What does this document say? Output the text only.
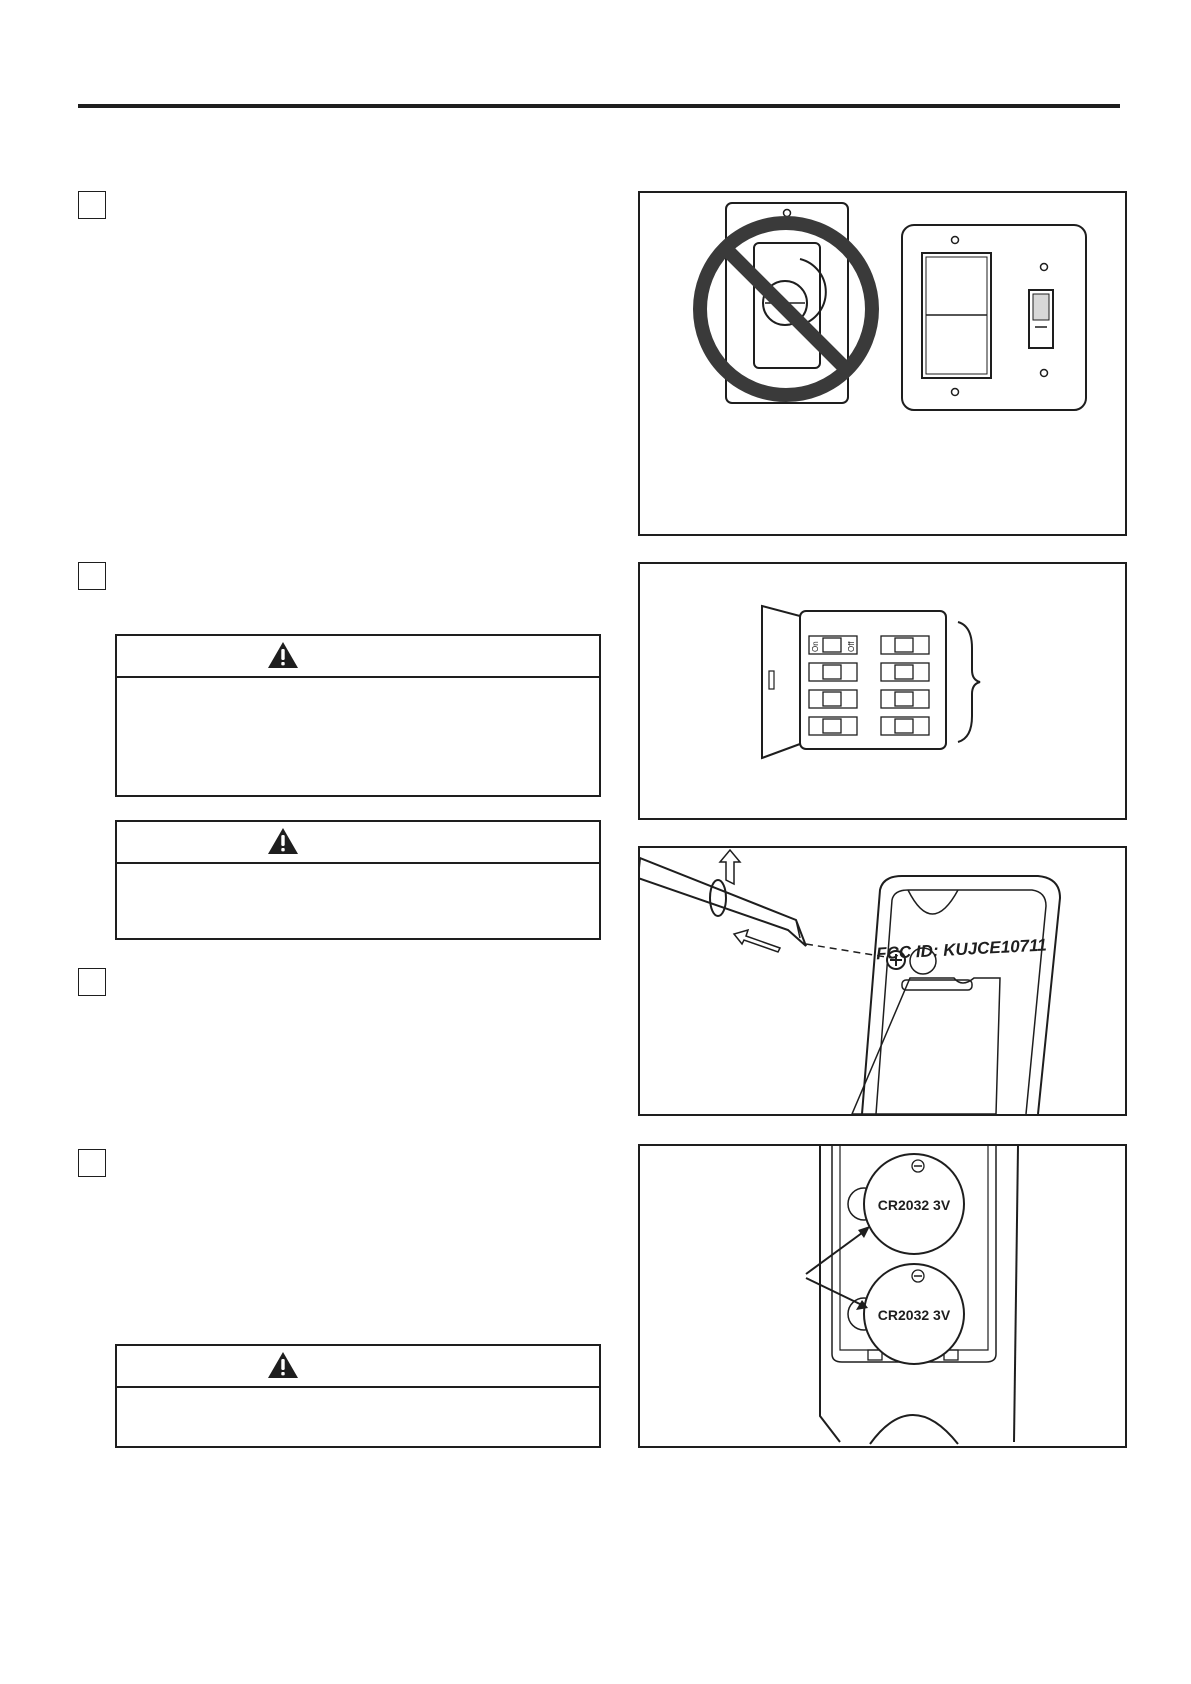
On	Off
FCC ID: KUJCE10711
CR2032 3V
CR2032 3V
